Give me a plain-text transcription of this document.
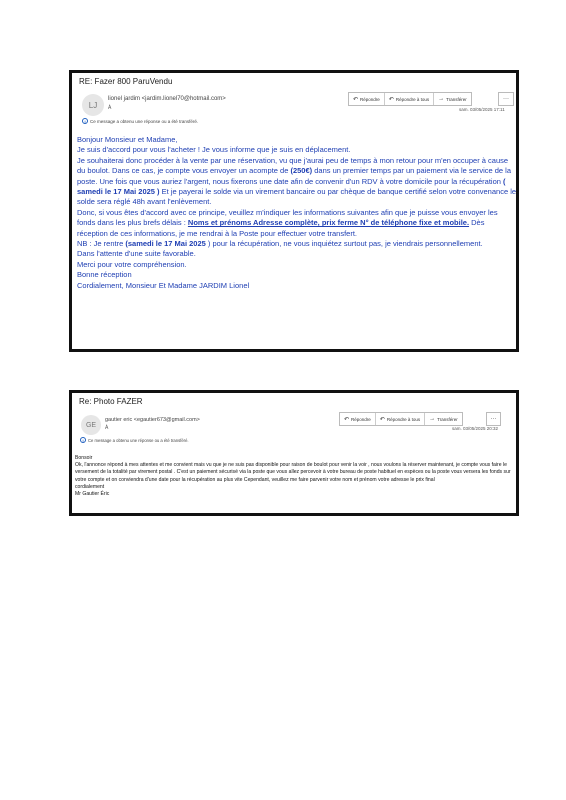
RE: Fazer 800 ParuVendu
LJ
lionel jardim <jardim.lionel70@hotmail.com>
À
i Ce message a obtenu une réponse ou a été transféré.
↶ Répondre ↶ Répondre à tous → Transférer	···
sam. 03/05/2025 17:11

Bonjour Monsieur et Madame,

Je suis d'accord pour vous l'acheter ! Je vous informe que je suis en déplacement.

Je souhaiterai donc procéder à la vente par une réservation, vu que j'aurai peu de temps à mon retour pour m'en occuper à cause du boulot. Dans ce cas, je compte vous envoyer un acompte de (250€) dans un premier temps par un paiement via le service de la poste. Une fois que vous auriez l'argent, nous fixerons une date afin de convenir d'un RDV à votre domicile pour la récupération ( samedi le 17 Mai 2025 ) Et je payerai le solde via un virement bancaire ou par chèque de banque certifié selon votre convenance le solde sera réglé 48h avant l'enlèvement.

Donc, si vous êtes d'accord avec ce principe, veuillez m'indiquer les informations suivantes afin que je puisse vous envoyer les fonds dans les plus brefs délais : Noms et prénoms Adresse complète, prix ferme N° de téléphone fixe et mobile. Dès réception de ces informations, je me rendrai à la Poste pour effectuer votre transfert.

NB : Je rentre (samedi le 17 Mai 2025 ) pour la récupération, ne vous inquiétez surtout pas, je viendrais personnellement.

Dans l'attente d'une suite favorable.

Merci pour votre compréhension.

Bonne réception

Cordialement, Monsieur Et Madame JARDIM Lionel

Re: Photo FAZER
GE
gautier eric <egautier673@gmail.com>
À
i	Ce message a obtenu une réponse ou a été transféré.
↶ Répondre ↶ Répondre à tous → Transférer	···
sam. 03/05/2025 20:32

Bonsoir

Ok, l'annonce répond à mes attentes et me convient mais vu que je ne suis pas disponible pour raison de boulot pour venir la voir , nous voulons la réserver maintenant, je compte vous faire le versement de la totalité par virement postal . C'est un paiement sécurisé via la poste que vous allez percevoir à votre bureau de poste habituel en espèces ou la poste vous versera les fonds sur votre compte et on conviendra d'une date pour la récupération au plus vite Cependant, veuillez me faire parvenir votre nom et prénom votre adresse le prix final

cordialement

Mr Gautier Éric
